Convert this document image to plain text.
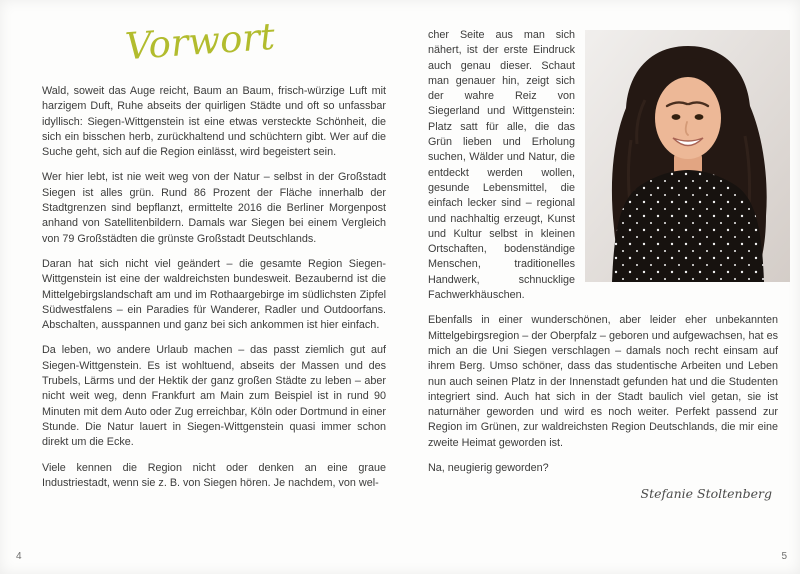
Vorwort

Wald, soweit das Auge reicht, Baum an Baum, frisch-würzige Luft mit harzigem Duft, Ruhe abseits der quirligen Städte und oft so unfassbar idyllisch: Siegen-Wittgenstein ist eine etwas versteckte Schönheit, die sich ein bisschen herb, zurückhaltend und schüchtern gibt. Wer auf die Suche geht, sich auf die Region einlässt, wird begeistert sein.

Wer hier lebt, ist nie weit weg von der Natur – selbst in der Großstadt Siegen ist alles grün. Rund 86 Prozent der Fläche innerhalb der Stadtgrenzen sind bepflanzt, ermittelte 2016 die Berliner Morgenpost anhand von Satellitenbildern. Damals war Siegen bei einem Vergleich von 79 Großstädten die grünste Großstadt Deutschlands.

Daran hat sich nicht viel geändert – die gesamte Region Siegen-Wittgenstein ist eine der waldreichsten bundesweit. Bezaubernd ist die Mittelgebirgslandschaft am und im Rothaargebirge im südlichsten Zipfel Südwestfalens – ein Paradies für Wanderer, Radler und Outdoorfans. Abschalten, ausspannen und ganz bei sich ankommen ist hier einfach.

Da leben, wo andere Urlaub machen – das passt ziemlich gut auf Siegen-Wittgenstein. Es ist wohltuend, abseits der Massen und des Trubels, Lärms und der Hektik der ganz großen Städte zu leben – aber nicht weit weg, denn Frankfurt am Main zum Beispiel ist in rund 90 Minuten mit dem Auto oder Zug erreichbar, Köln oder Dortmund in einer Stunde. Die Natur lauert in Siegen-Wittgenstein quasi immer schon direkt um die Ecke.

Viele kennen die Region nicht oder denken an eine graue Industriestadt, wenn sie z. B. von Siegen hören. Je nachdem, von wel-

4

cher Seite aus man sich nähert, ist der erste Eindruck auch genau dieser. Schaut man genauer hin, zeigt sich der wahre Reiz von Siegerland und Wittgenstein: Platz satt für alle, die das Grün lieben und Erholung suchen, Wälder und Natur, die entdeckt werden wollen, gesunde Lebensmittel, die einfach lecker sind – regional und nachhaltig erzeugt, Kunst und Kultur selbst in kleinen Ortschaften, bodenständige Menschen, traditionelles Handwerk, schnucklige Fachwerkhäuschen.

Ebenfalls in einer wunderschönen, aber leider eher unbekannten Mittelgebirgsregion – der Oberpfalz – geboren und aufgewachsen, hat es mich an die Uni Siegen verschlagen – damals noch recht einsam auf ihrem Berg. Umso schöner, dass das studentische Arbeiten und Leben nun auch seinen Platz in der Innenstadt gefunden hat und die Studenten integriert sind. Auch hat sich in der Stadt baulich viel getan, sie ist naturnäher geworden und wird es noch weiter. Perfekt passend zur Region im Grünen, zur waldreichsten Region Deutschlands, die mir eine zweite Heimat geworden ist.

Na, neugierig geworden?

Stefanie Stoltenberg

5
